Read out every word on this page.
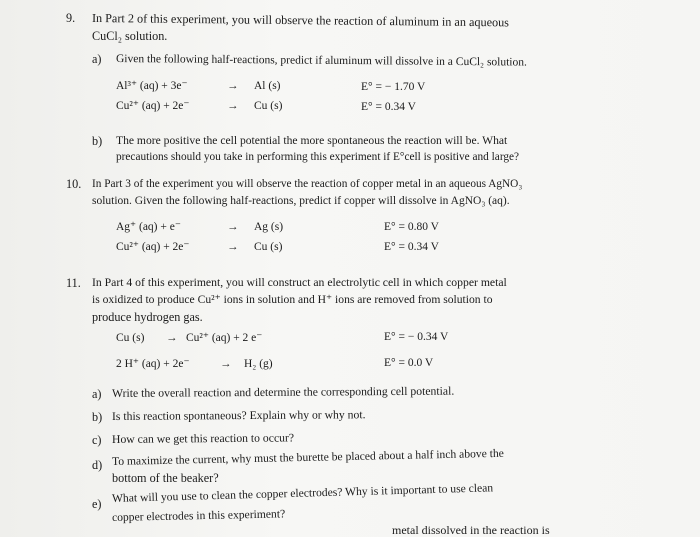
9. In Part 2 of this experiment, you will observe the reaction of aluminum in an aqueous
CuCl₂ solution.
a) Given the following half-reactions, predict if aluminum will dissolve in a CuCl₂ solution.
Al³⁺ (aq) + 3e⁻	→ Al (s)	E° = − 1.70 V
Cu²⁺ (aq) + 2e⁻	→ Cu (s)	E° = 0.34 V
b) The more positive the cell potential the more spontaneous the reaction will be. What
precautions should you take in performing this experiment if E°cell is positive and large?
10. In Part 3 of the experiment you will observe the reaction of copper metal in an aqueous AgNO₃
solution. Given the following half-reactions, predict if copper will dissolve in AgNO₃ (aq).
Ag⁺ (aq) + e⁻	→ Ag (s)	E° = 0.80 V
Cu²⁺ (aq) + 2e⁻	→ Cu (s)	E° = 0.34 V
11. In Part 4 of this experiment, you will construct an electrolytic cell in which copper metal
is oxidized to produce Cu²⁺ ions in solution and H⁺ ions are removed from solution to
produce hydrogen gas.
Cu (s) → Cu²⁺ (aq) + 2 e⁻	E° = − 0.34 V
2 H⁺ (aq) + 2e⁻	→ H₂ (g)	E° = 0.0 V
a) Write the overall reaction and determine the corresponding cell potential.
b) Is this reaction spontaneous? Explain why or why not.
c) How can we get this reaction to occur?
d) To maximize the current, why must the burette be placed about a half inch above the
bottom of the beaker?
e) What will you use to clean the copper electrodes? Why is it important to use clean
copper electrodes in this experiment?
metal dissolved in the reaction is
